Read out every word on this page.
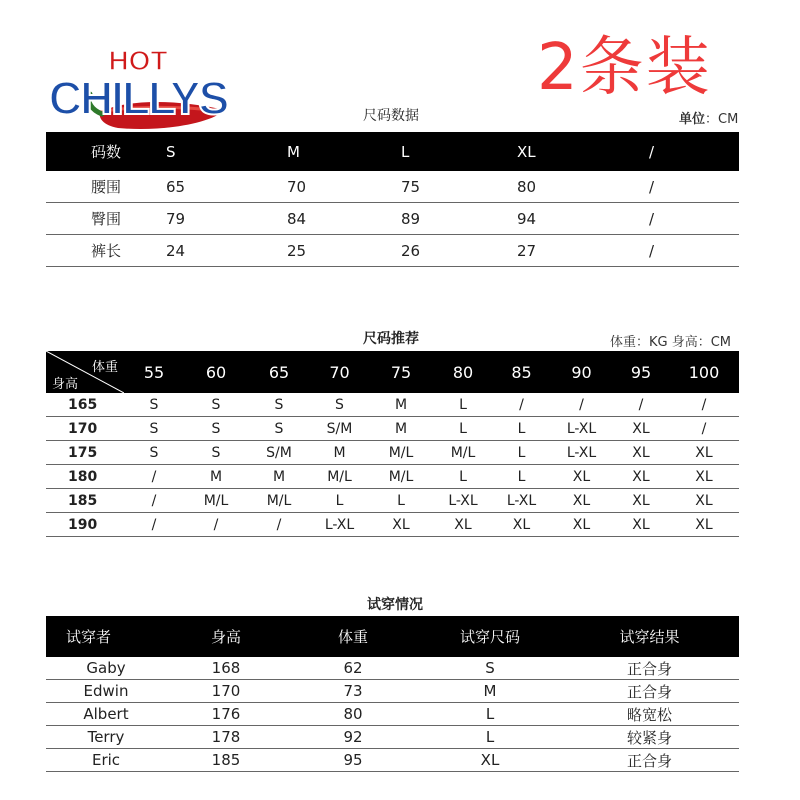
HOT
CHILLYS	2条装
尺码数据	单位：CM
码数	S	M	L	XL	/
腰围	65	70	75	80	/
臀围	79	84	89	94	/
裤长	24	25	26	27	/
尺码推荐	体重：KG 身高：CM
体重
身高	55	60	65	70	75	80	85	90	95	100
165	S	S	S	S	M	L	/	/	/	/
170	S	S	S	S/M	M	L	L	L-XL	XL	/
175	S	S	S/M	M	M/L	M/L	L	L-XL	XL	XL
180	/	M	M	M/L	M/L	L	L	XL	XL	XL
185	/	M/L	M/L	L	L	L-XL	L-XL	XL	XL	XL
190	/	/	/	L-XL	XL	XL	XL	XL	XL	XL
试穿情况
试穿者	身高	体重	试穿尺码	试穿结果
Gaby	168	62	S	正合身
Edwin	170	73	M	正合身
Albert	176	80	L	略宽松
Terry	178	92	L	较紧身
Eric	185	95	XL	正合身
